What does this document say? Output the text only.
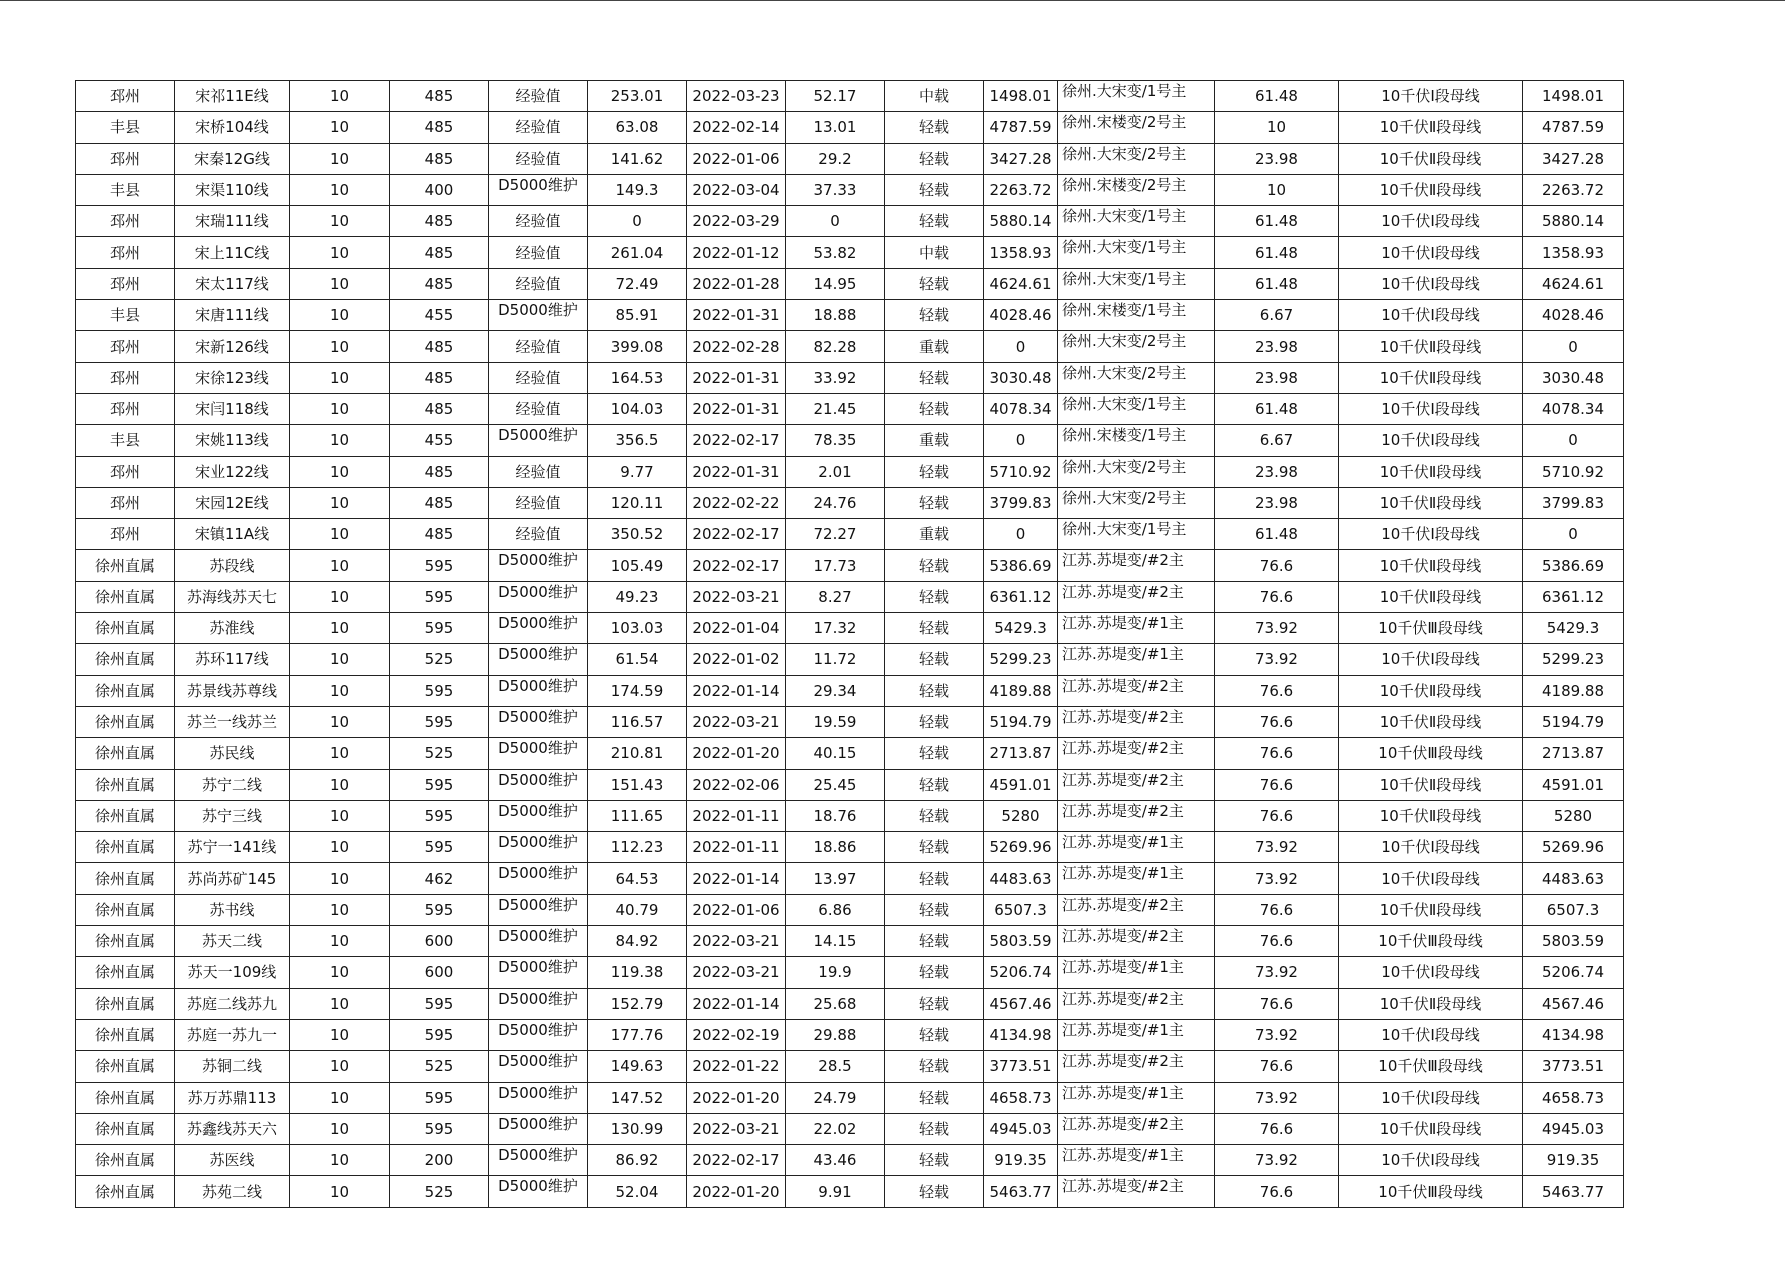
邳州	宋祁11E线	10	485	经验值	253.01	2022-03-23	52.17	中载	1498.01	徐州.大宋变/1号主	61.48	10千伏Ⅰ段母线	1498.01
丰县	宋桥104线	10	485	经验值	63.08	2022-02-14	13.01	轻载	4787.59	徐州.宋楼变/2号主	10	10千伏Ⅱ段母线	4787.59
邳州	宋秦12G线	10	485	经验值	141.62	2022-01-06	29.2	轻载	3427.28	徐州.大宋变/2号主	23.98	10千伏Ⅱ段母线	3427.28
丰县	宋渠110线	10	400	D5000维护	149.3	2022-03-04	37.33	轻载	2263.72	徐州.宋楼变/2号主	10	10千伏Ⅱ段母线	2263.72
邳州	宋瑞111线	10	485	经验值	0	2022-03-29	0	轻载	5880.14	徐州.大宋变/1号主	61.48	10千伏Ⅰ段母线	5880.14
邳州	宋上11C线	10	485	经验值	261.04	2022-01-12	53.82	中载	1358.93	徐州.大宋变/1号主	61.48	10千伏Ⅰ段母线	1358.93
邳州	宋太117线	10	485	经验值	72.49	2022-01-28	14.95	轻载	4624.61	徐州.大宋变/1号主	61.48	10千伏Ⅰ段母线	4624.61
丰县	宋唐111线	10	455	D5000维护	85.91	2022-01-31	18.88	轻载	4028.46	徐州.宋楼变/1号主	6.67	10千伏Ⅰ段母线	4028.46
邳州	宋新126线	10	485	经验值	399.08	2022-02-28	82.28	重载	0	徐州.大宋变/2号主	23.98	10千伏Ⅱ段母线	0
邳州	宋徐123线	10	485	经验值	164.53	2022-01-31	33.92	轻载	3030.48	徐州.大宋变/2号主	23.98	10千伏Ⅱ段母线	3030.48
邳州	宋闫118线	10	485	经验值	104.03	2022-01-31	21.45	轻载	4078.34	徐州.大宋变/1号主	61.48	10千伏Ⅰ段母线	4078.34
丰县	宋姚113线	10	455	D5000维护	356.5	2022-02-17	78.35	重载	0	徐州.宋楼变/1号主	6.67	10千伏Ⅰ段母线	0
邳州	宋业122线	10	485	经验值	9.77	2022-01-31	2.01	轻载	5710.92	徐州.大宋变/2号主	23.98	10千伏Ⅱ段母线	5710.92
邳州	宋园12E线	10	485	经验值	120.11	2022-02-22	24.76	轻载	3799.83	徐州.大宋变/2号主	23.98	10千伏Ⅱ段母线	3799.83
邳州	宋镇11A线	10	485	经验值	350.52	2022-02-17	72.27	重载	0	徐州.大宋变/1号主	61.48	10千伏Ⅰ段母线	0
徐州直属	苏段线	10	595	D5000维护	105.49	2022-02-17	17.73	轻载	5386.69	江苏.苏堤变/#2主	76.6	10千伏Ⅱ段母线	5386.69
徐州直属	苏海线苏天七	10	595	D5000维护	49.23	2022-03-21	8.27	轻载	6361.12	江苏.苏堤变/#2主	76.6	10千伏Ⅱ段母线	6361.12
徐州直属	苏淮线	10	595	D5000维护	103.03	2022-01-04	17.32	轻载	5429.3	江苏.苏堤变/#1主	73.92	10千伏Ⅲ段母线	5429.3
徐州直属	苏环117线	10	525	D5000维护	61.54	2022-01-02	11.72	轻载	5299.23	江苏.苏堤变/#1主	73.92	10千伏Ⅰ段母线	5299.23
徐州直属	苏景线苏尊线	10	595	D5000维护	174.59	2022-01-14	29.34	轻载	4189.88	江苏.苏堤变/#2主	76.6	10千伏Ⅱ段母线	4189.88
徐州直属	苏兰一线苏兰	10	595	D5000维护	116.57	2022-03-21	19.59	轻载	5194.79	江苏.苏堤变/#2主	76.6	10千伏Ⅱ段母线	5194.79
徐州直属	苏民线	10	525	D5000维护	210.81	2022-01-20	40.15	轻载	2713.87	江苏.苏堤变/#2主	76.6	10千伏Ⅲ段母线	2713.87
徐州直属	苏宁二线	10	595	D5000维护	151.43	2022-02-06	25.45	轻载	4591.01	江苏.苏堤变/#2主	76.6	10千伏Ⅱ段母线	4591.01
徐州直属	苏宁三线	10	595	D5000维护	111.65	2022-01-11	18.76	轻载	5280	江苏.苏堤变/#2主	76.6	10千伏Ⅱ段母线	5280
徐州直属	苏宁一141线	10	595	D5000维护	112.23	2022-01-11	18.86	轻载	5269.96	江苏.苏堤变/#1主	73.92	10千伏Ⅰ段母线	5269.96
徐州直属	苏尚苏矿145	10	462	D5000维护	64.53	2022-01-14	13.97	轻载	4483.63	江苏.苏堤变/#1主	73.92	10千伏Ⅰ段母线	4483.63
徐州直属	苏书线	10	595	D5000维护	40.79	2022-01-06	6.86	轻载	6507.3	江苏.苏堤变/#2主	76.6	10千伏Ⅱ段母线	6507.3
徐州直属	苏天二线	10	600	D5000维护	84.92	2022-03-21	14.15	轻载	5803.59	江苏.苏堤变/#2主	76.6	10千伏Ⅲ段母线	5803.59
徐州直属	苏天一109线	10	600	D5000维护	119.38	2022-03-21	19.9	轻载	5206.74	江苏.苏堤变/#1主	73.92	10千伏Ⅰ段母线	5206.74
徐州直属	苏庭二线苏九	10	595	D5000维护	152.79	2022-01-14	25.68	轻载	4567.46	江苏.苏堤变/#2主	76.6	10千伏Ⅱ段母线	4567.46
徐州直属	苏庭一苏九一	10	595	D5000维护	177.76	2022-02-19	29.88	轻载	4134.98	江苏.苏堤变/#1主	73.92	10千伏Ⅰ段母线	4134.98
徐州直属	苏铜二线	10	525	D5000维护	149.63	2022-01-22	28.5	轻载	3773.51	江苏.苏堤变/#2主	76.6	10千伏Ⅲ段母线	3773.51
徐州直属	苏万苏鼎113	10	595	D5000维护	147.52	2022-01-20	24.79	轻载	4658.73	江苏.苏堤变/#1主	73.92	10千伏Ⅰ段母线	4658.73
徐州直属	苏鑫线苏天六	10	595	D5000维护	130.99	2022-03-21	22.02	轻载	4945.03	江苏.苏堤变/#2主	76.6	10千伏Ⅱ段母线	4945.03
徐州直属	苏医线	10	200	D5000维护	86.92	2022-02-17	43.46	轻载	919.35	江苏.苏堤变/#1主	73.92	10千伏Ⅰ段母线	919.35
徐州直属	苏苑二线	10	525	D5000维护	52.04	2022-01-20	9.91	轻载	5463.77	江苏.苏堤变/#2主	76.6	10千伏Ⅲ段母线	5463.77
